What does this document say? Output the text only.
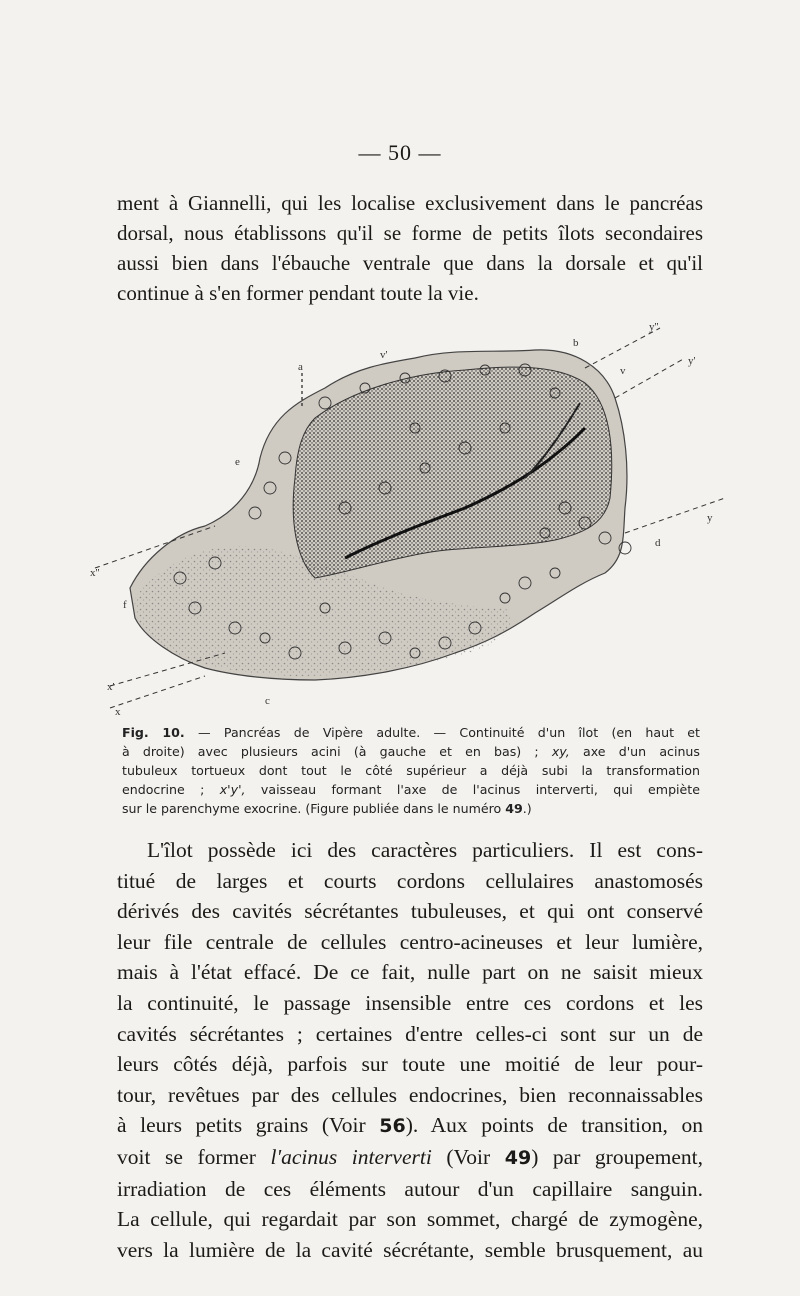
— 50 —
ment à Giannelli, qui les localise exclusivement dans le pancréas
dorsal, nous établissons qu'il se forme de petits îlots secondaires
aussi bien dans l'ébauche ventrale que dans la dorsale et qu'il
continue à s'en former pendant toute la vie.
a
b
v
v'
e
d
f
c
x
x'
x''
y
y'
y''
Fig. 10. — Pancréas de Vipère adulte. — Continuité d'un îlot (en haut et
à droite) avec plusieurs acini (à gauche et en bas) ; xy, axe d'un acinus
tubuleux tortueux dont tout le côté supérieur a déjà subi la transformation
endocrine ; x'y', vaisseau formant l'axe de l'acinus interverti, qui empiète
sur le parenchyme exocrine. (Figure publiée dans le numéro 49.)
L'îlot possède ici des caractères particuliers. Il est cons-
titué de larges et courts cordons cellulaires anastomosés
dérivés des cavités sécrétantes tubuleuses, et qui ont conservé
leur file centrale de cellules centro-acineuses et leur lumière,
mais à l'état effacé. De ce fait, nulle part on ne saisit mieux
la continuité, le passage insensible entre ces cordons et les
cavités sécrétantes ; certaines d'entre celles-ci sont sur un de
leurs côtés déjà, parfois sur toute une moitié de leur pour-
tour, revêtues par des cellules endocrines, bien reconnaissables
à leurs petits grains (Voir 56). Aux points de transition, on
voit se former l'acinus interverti (Voir 49) par groupement,
irradiation de ces éléments autour d'un capillaire sanguin.
La cellule, qui regardait par son sommet, chargé de zymogène,
vers la lumière de la cavité sécrétante, semble brusquement, au
